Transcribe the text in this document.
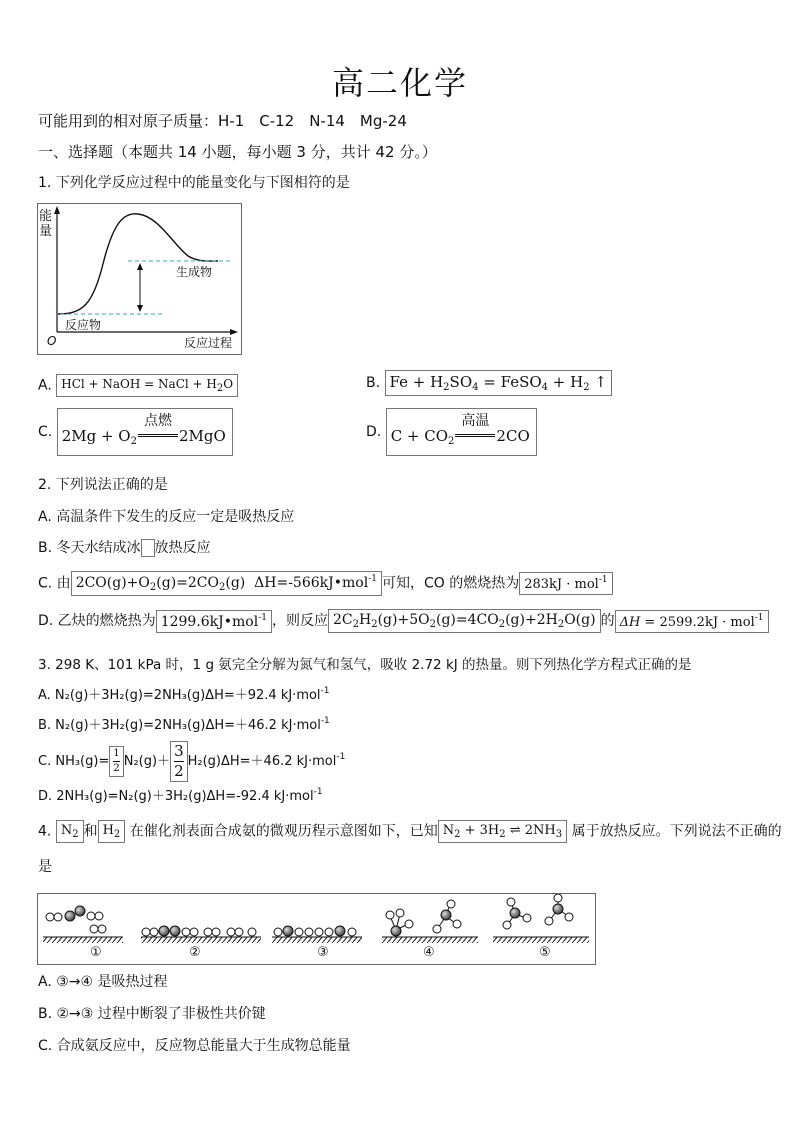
高二化学
可能用到的相对原子质量：H-1　C-12　N-14　Mg-24
一、选择题（本题共 14 小题，每小题 3 分，共计 42 分。）
1. 下列化学反应过程中的能量变化与下图相符的是
能量
反应过程
O
反应物
生成物
A. HCl + NaOH = NaCl + $H_2O$	B. $Fe + H_2SO_4$ = FeSO$_4$ + $H_2$ ↑
C. $2Mg + O_2$
点燃
2MgO	D. $C + CO_2$
高温
2CO
2. 下列说法正确的是
A. 高温条件下发生的反应一定是吸热反应
B. 冬天水结成冰 放热反应
C. 由 $2CO(g)+O_2(g)=2CO_2(g)$  ΔH=-566kJ•mol$^{-1}$ 可知，CO 的燃烧热为 283kJ · mol$^{-1}$
D. 乙炔的燃烧热为 1299.6kJ•mol$^{-1}$ ，则反应 $2C_2H_2(g)+5O_2(g)=4CO_2(g)+2H_2O(g)$ 的 ΔH = 2599.2kJ · mol$^{-1}$
3. 298 K、101 kPa 时，1 g 氨完全分解为氮气和氢气，吸收 2.72 kJ 的热量。则下列热化学方程式正确的是
A. N₂(g)＋3H₂(g)=2NH₃(g)ΔH=＋92.4 kJ·mol$^{-1}$
B. N₂(g)＋3H₂(g)=2NH₃(g)ΔH=＋46.2 kJ·mol$^{-1}$
C. $NH_3(g)= \frac{1}{2} N_2(g)+ \frac{3}{2} H_2(g)\Delta H=+46.2$ kJ·mol$^{-1}$
D. 2NH₃(g)=N₂(g)＋3H₂(g)ΔH=-92.4 kJ·mol$^{-1}$
4. $N_2$ 和 $H_2$ 在催化剂表面合成氨的微观历程示意图如下，已知 $N_2 + 3H_2$ ⇌ $2NH_3$ 属于放热反应。下列说法不正确的
是
①	②	③	④	⑤
A. ③→④ 是吸热过程
B. ②→③ 过程中断裂了非极性共价键
C. 合成氨反应中，反应物总能量大于生成物总能量
